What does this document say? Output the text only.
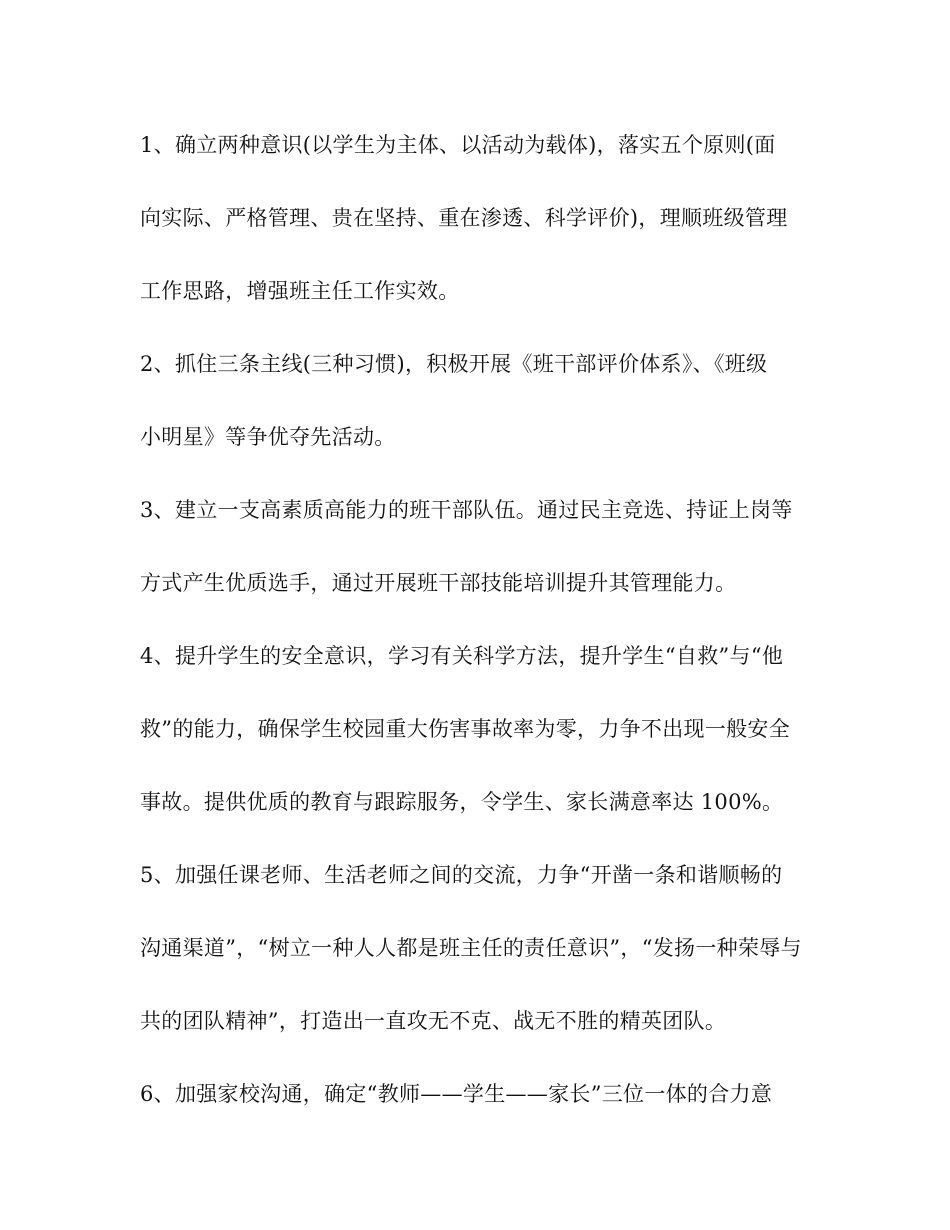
1、确立两种意识(以学生为主体、以活动为载体)，落实五个原则(面
向实际、严格管理、贵在坚持、重在渗透、科学评价)，理顺班级管理
工作思路，增强班主任工作实效。
2、抓住三条主线(三种习惯)，积极开展《班干部评价体系》、《班级
小明星》等争优夺先活动。
3、建立一支高素质高能力的班干部队伍。通过民主竞选、持证上岗等
方式产生优质选手，通过开展班干部技能培训提升其管理能力。
4、提升学生的安全意识，学习有关科学方法，提升学生“自救”与“他
救”的能力，确保学生校园重大伤害事故率为零，力争不出现一般安全
事故。提供优质的教育与跟踪服务，令学生、家长满意率达 100%。
5、加强任课老师、生活老师之间的交流，力争“开凿一条和谐顺畅的
沟通渠道”，“树立一种人人都是班主任的责任意识”，“发扬一种荣辱与
共的团队精神”，打造出一直攻无不克、战无不胜的精英团队。
6、加强家校沟通，确定“教师——学生——家长”三位一体的合力意
